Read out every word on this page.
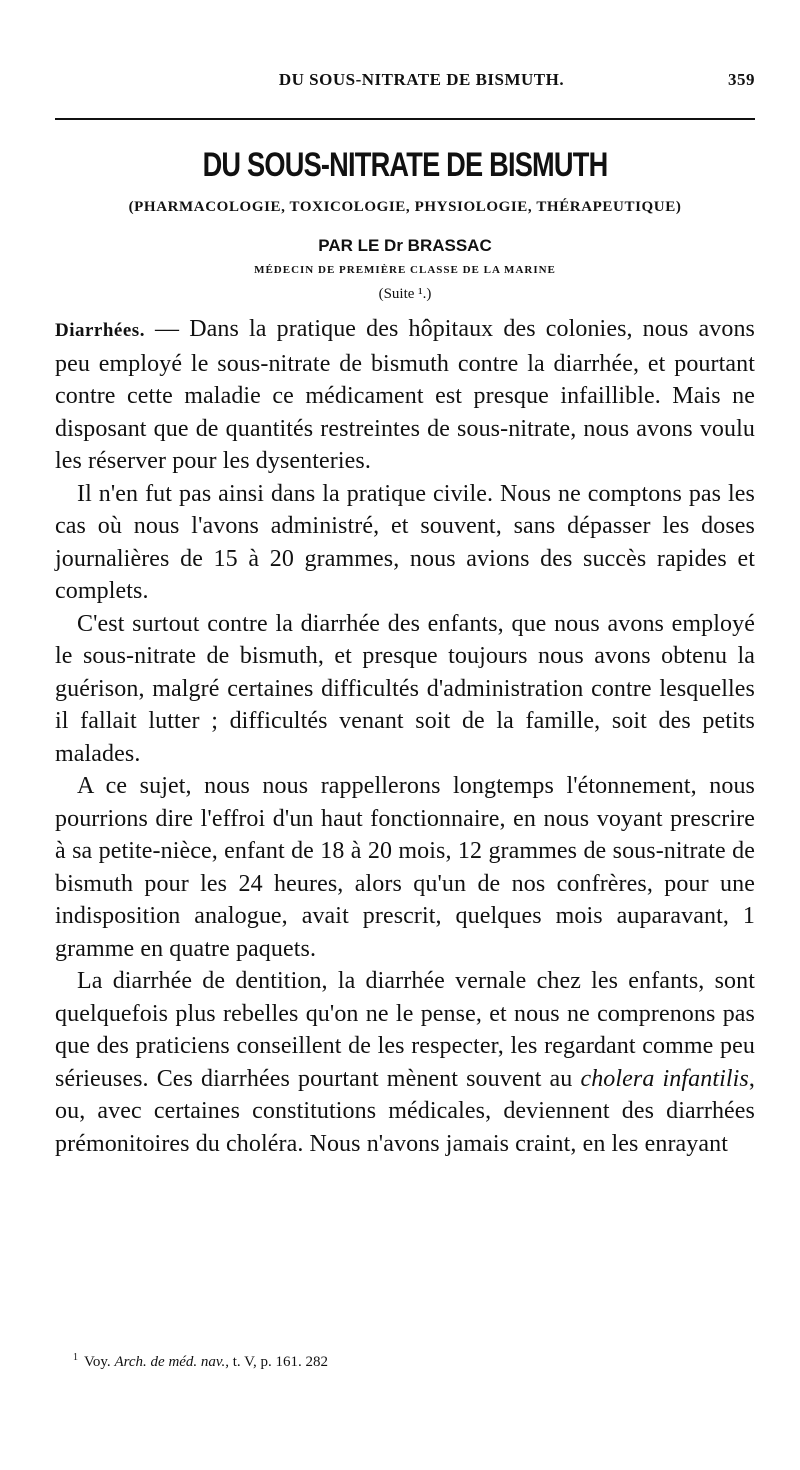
DU SOUS-NITRATE DE BISMUTH.	359
DU SOUS-NITRATE DE BISMUTH
(PHARMACOLOGIE, TOXICOLOGIE, PHYSIOLOGIE, THÉRAPEUTIQUE)
PAR LE Dr BRASSAC
MÉDECIN DE PREMIÈRE CLASSE DE LA MARINE
(Suite ¹.)

Diarrhées. — Dans la pratique des hôpitaux des colonies, nous avons peu employé le sous-nitrate de bismuth contre la diarrhée, et pourtant contre cette maladie ce médicament est presque infaillible. Mais ne disposant que de quantités restreintes de sous-nitrate, nous avons voulu les réserver pour les dysenteries.

Il n'en fut pas ainsi dans la pratique civile. Nous ne comptons pas les cas où nous l'avons administré, et souvent, sans dépasser les doses journalières de 15 à 20 grammes, nous avions des succès rapides et complets.

C'est surtout contre la diarrhée des enfants, que nous avons employé le sous-nitrate de bismuth, et presque toujours nous avons obtenu la guérison, malgré certaines difficultés d'administration contre lesquelles il fallait lutter ; difficultés venant soit de la famille, soit des petits malades.

A ce sujet, nous nous rappellerons longtemps l'étonnement, nous pourrions dire l'effroi d'un haut fonctionnaire, en nous voyant prescrire à sa petite-nièce, enfant de 18 à 20 mois, 12 grammes de sous-nitrate de bismuth pour les 24 heures, alors qu'un de nos confrères, pour une indisposition analogue, avait prescrit, quelques mois auparavant, 1 gramme en quatre paquets.

La diarrhée de dentition, la diarrhée vernale chez les enfants, sont quelquefois plus rebelles qu'on ne le pense, et nous ne comprenons pas que des praticiens conseillent de les respecter, les regardant comme peu sérieuses. Ces diarrhées pourtant mènent souvent au cholera infantilis, ou, avec certaines constitutions médicales, deviennent des diarrhées prémonitoires du choléra. Nous n'avons jamais craint, en les enrayant

$^1$ Voy. Arch. de méd. nav., t. V, p. 161. 282
